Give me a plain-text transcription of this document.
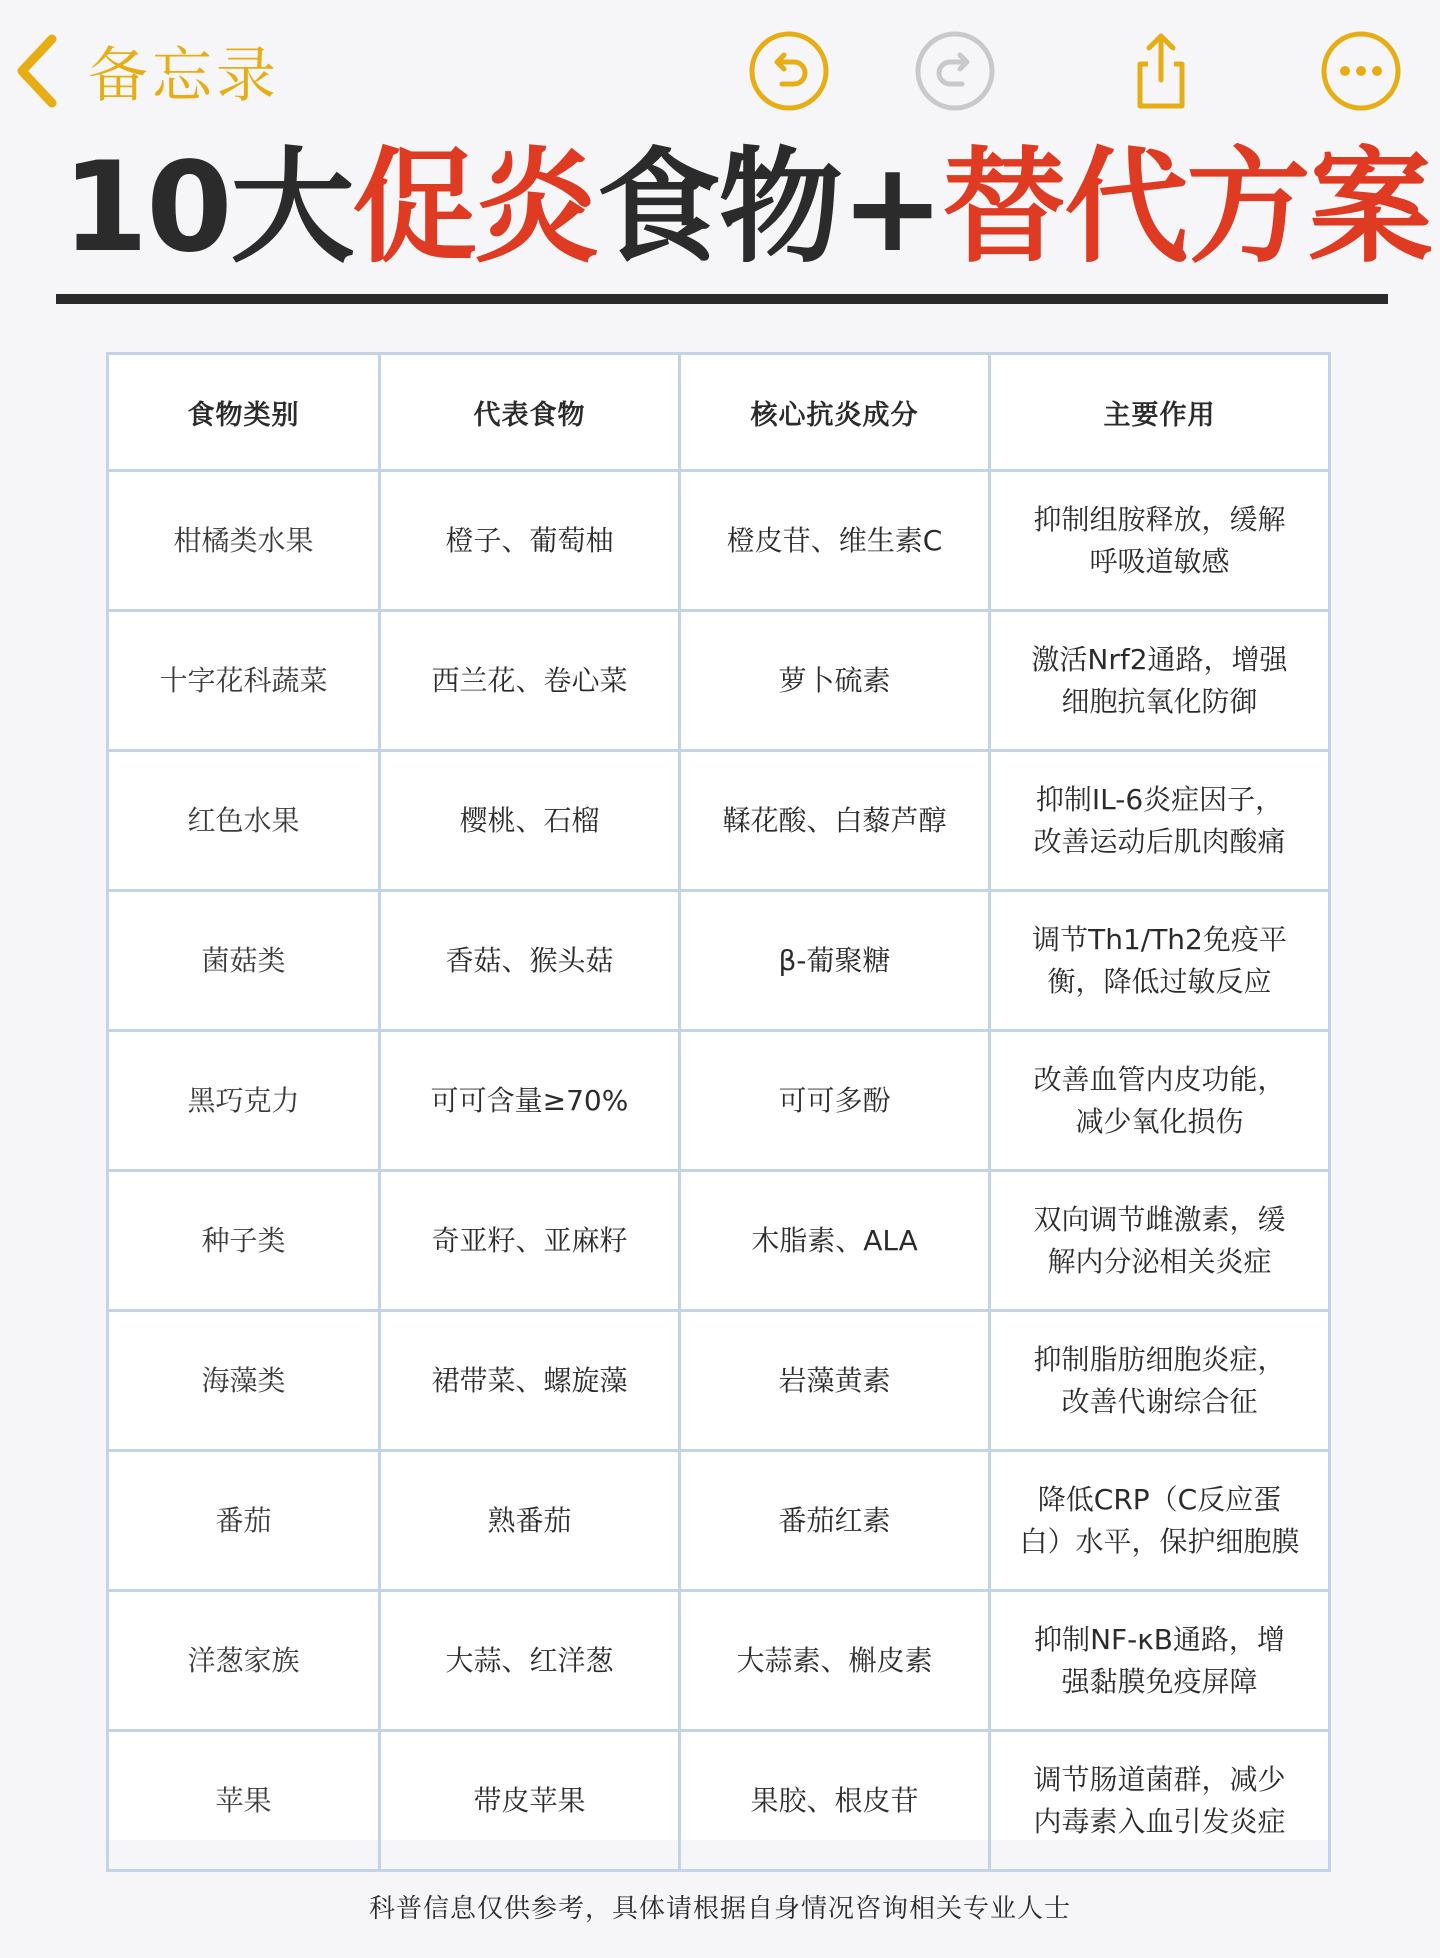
备忘录
10大促炎食物+替代方案
食物类别	代表食物	核心抗炎成分	主要作用
柑橘类水果	橙子、葡萄柚	橙皮苷、维生素C	抑制组胺释放，缓解
呼吸道敏感
十字花科蔬菜	西兰花、卷心菜	萝卜硫素	激活Nrf2通路，增强
细胞抗氧化防御
红色水果	樱桃、石榴	鞣花酸、白藜芦醇	抑制IL-6炎症因子，
改善运动后肌肉酸痛
菌菇类	香菇、猴头菇	β-葡聚糖	调节Th1/Th2免疫平
衡，降低过敏反应
黑巧克力	可可含量≥70%	可可多酚	改善血管内皮功能，
减少氧化损伤
种子类	奇亚籽、亚麻籽	木脂素、ALA	双向调节雌激素，缓
解内分泌相关炎症
海藻类	裙带菜、螺旋藻	岩藻黄素	抑制脂肪细胞炎症，
改善代谢综合征
番茄	熟番茄	番茄红素	降低CRP（C反应蛋
白）水平，保护细胞膜
洋葱家族	大蒜、红洋葱	大蒜素、槲皮素	抑制NF-κB通路，增
强黏膜免疫屏障
苹果	带皮苹果	果胶、根皮苷	调节肠道菌群，减少
内毒素入血引发炎症
科普信息仅供参考，具体请根据自身情况咨询相关专业人士
